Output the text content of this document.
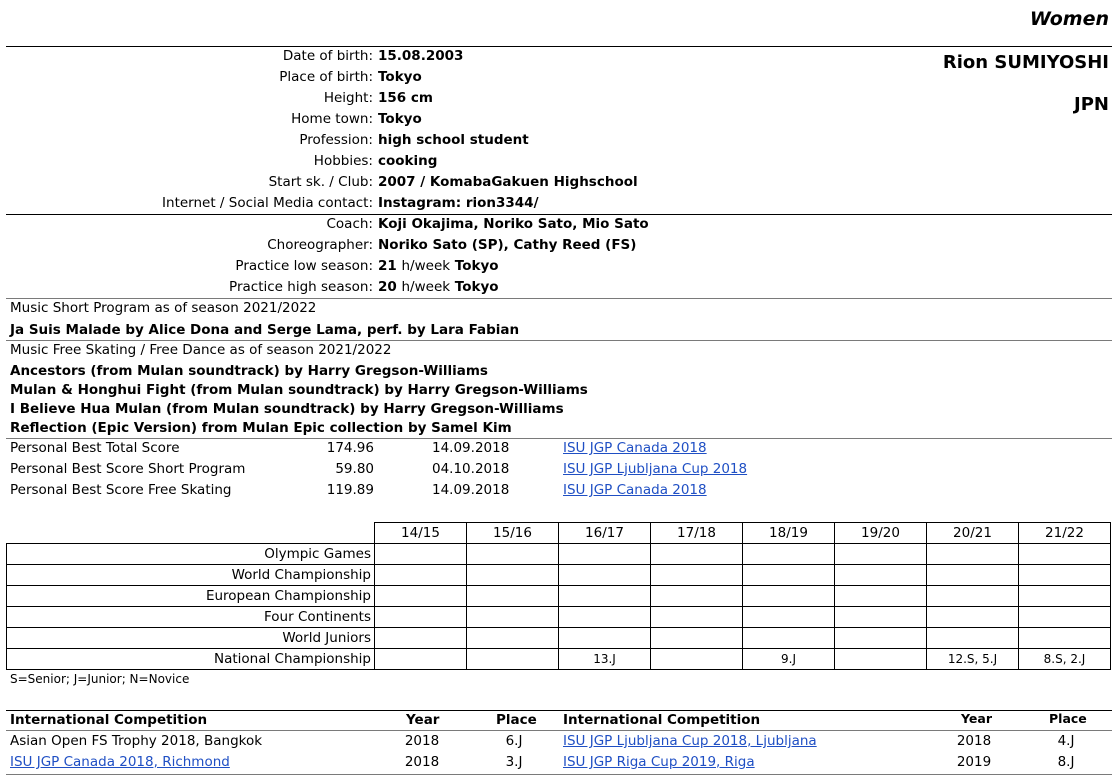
Women
Rion SUMIYOSHI
JPN
Date of birth: 15.08.2003
Place of birth: Tokyo
Height: 156 cm
Home town: Tokyo
Profession: high school student
Hobbies: cooking
Start sk. / Club: 2007 / KomabaGakuen Highschool
Internet / Social Media contact: Instagram: rion3344/
Coach: Koji Okajima, Noriko Sato, Mio Sato
Choreographer: Noriko Sato (SP), Cathy Reed (FS)
Practice low season: 21 h/week Tokyo
Practice high season: 20 h/week Tokyo
Music Short Program as of season 2021/2022
Ja Suis Malade by Alice Dona and Serge Lama, perf. by Lara Fabian
Music Free Skating / Free Dance as of season 2021/2022
Ancestors (from Mulan soundtrack) by Harry Gregson-Williams
Mulan & Honghui Fight (from Mulan soundtrack) by Harry Gregson-Williams
I Believe Hua Mulan (from Mulan soundtrack) by Harry Gregson-Williams
Reflection (Epic Version) from Mulan Epic collection by Samel Kim
Personal Best Total Score	174.96	14.09.2018	ISU JGP Canada 2018
Personal Best Score Short Program	59.80	04.10.2018	ISU JGP Ljubljana Cup 2018
Personal Best Score Free Skating	119.89	14.09.2018	ISU JGP Canada 2018
	14/15	15/16	16/17	17/18	18/19	19/20	20/21	21/22
Olympic Games								
World Championship								
European Championship								
Four Continents								
World Juniors								
National Championship			13.J		9.J		12.S, 5.J	8.S, 2.J
S=Senior; J=Junior; N=Novice
International Competition	Year	Place International Competition	Year	Place
Asian Open FS Trophy 2018, Bangkok	2018	6.J	ISU JGP Ljubljana Cup 2018, Ljubljana	2018	4.J
ISU JGP Canada 2018, Richmond	2018	3.J	ISU JGP Riga Cup 2019, Riga	2019	8.J
